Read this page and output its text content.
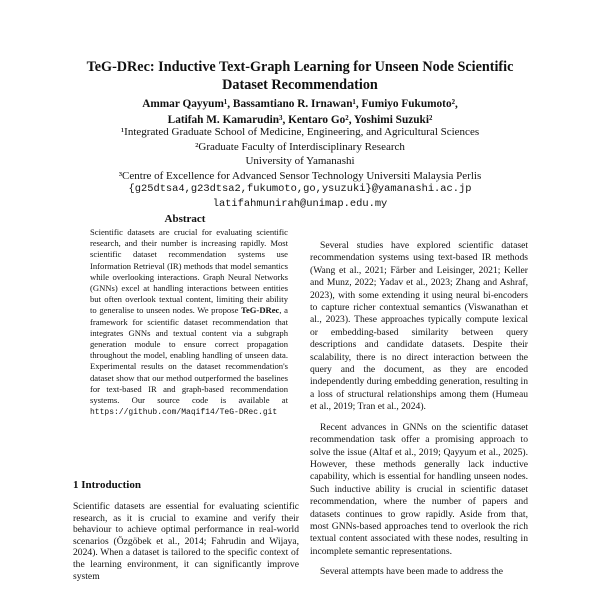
TeG-DRec: Inductive Text-Graph Learning for Unseen Node Scientific
Dataset Recommendation
Ammar Qayyum¹, Bassamtiano R. Irnawan¹, Fumiyo Fukumoto²,
Latifah M. Kamarudin³, Kentaro Go², Yoshimi Suzuki²
¹Integrated Graduate School of Medicine, Engineering, and Agricultural Sciences
²Graduate Faculty of Interdisciplinary Research
University of Yamanashi
³Centre of Excellence for Advanced Sensor Technology Universiti Malaysia Perlis
{g25dtsa4,g23dtsa2,fukumoto,go,ysuzuki}@yamanashi.ac.jp
latifahmunirah@unimap.edu.my
Abstract
Scientific datasets are crucial for evaluating scientific research, and their number is increasing rapidly. Most scientific dataset recommendation systems use Information Retrieval (IR) methods that model semantics while overlooking interactions. Graph Neural Networks (GNNs) excel at handling interactions between entities but often overlook textual content, limiting their ability to generalise to unseen nodes. We propose TeG-DRec, a framework for scientific dataset recommendation that integrates GNNs and textual content via a subgraph generation module to ensure correct propagation throughout the model, enabling handling of unseen data. Experimental results on the dataset recommendation's dataset show that our method outperformed the baselines for text-based IR and graph-based recommendation systems. Our source code is available at https://github.com/Maqif14/TeG-DRec.git
1 Introduction

Scientific datasets are essential for evaluating scientific research, as it is crucial to examine and verify their behaviour to achieve optimal performance in real-world scenarios (Özgöbek et al., 2014; Fahrudin and Wijaya, 2024). When a dataset is tailored to the specific context of the learning environment, it can significantly improve system

Several studies have explored scientific dataset recommendation systems using text-based IR methods (Wang et al., 2021; Färber and Leisinger, 2021; Keller and Munz, 2022; Yadav et al., 2023; Zhang and Ashraf, 2023), with some extending it using neural bi-encoders to capture richer contextual semantics (Viswanathan et al., 2023). These approaches typically compute lexical or embedding-based similarity between query descriptions and candidate datasets. Despite their scalability, there is no direct interaction between the query and the document, as they are encoded independently during embedding generation, resulting in a loss of structural relationships among them (Humeau et al., 2019; Tran et al., 2024).

Recent advances in GNNs on the scientific dataset recommendation task offer a promising approach to solve the issue (Altaf et al., 2019; Qayyum et al., 2025). However, these methods generally lack inductive capability, which is essential for handling unseen nodes. Such inductive ability is crucial in scientific dataset recommendation, where the number of papers and datasets continues to grow rapidly. Aside from that, most GNNs-based approaches tend to overlook the rich textual content associated with these nodes, resulting in incomplete semantic representations.

Several attempts have been made to address the
